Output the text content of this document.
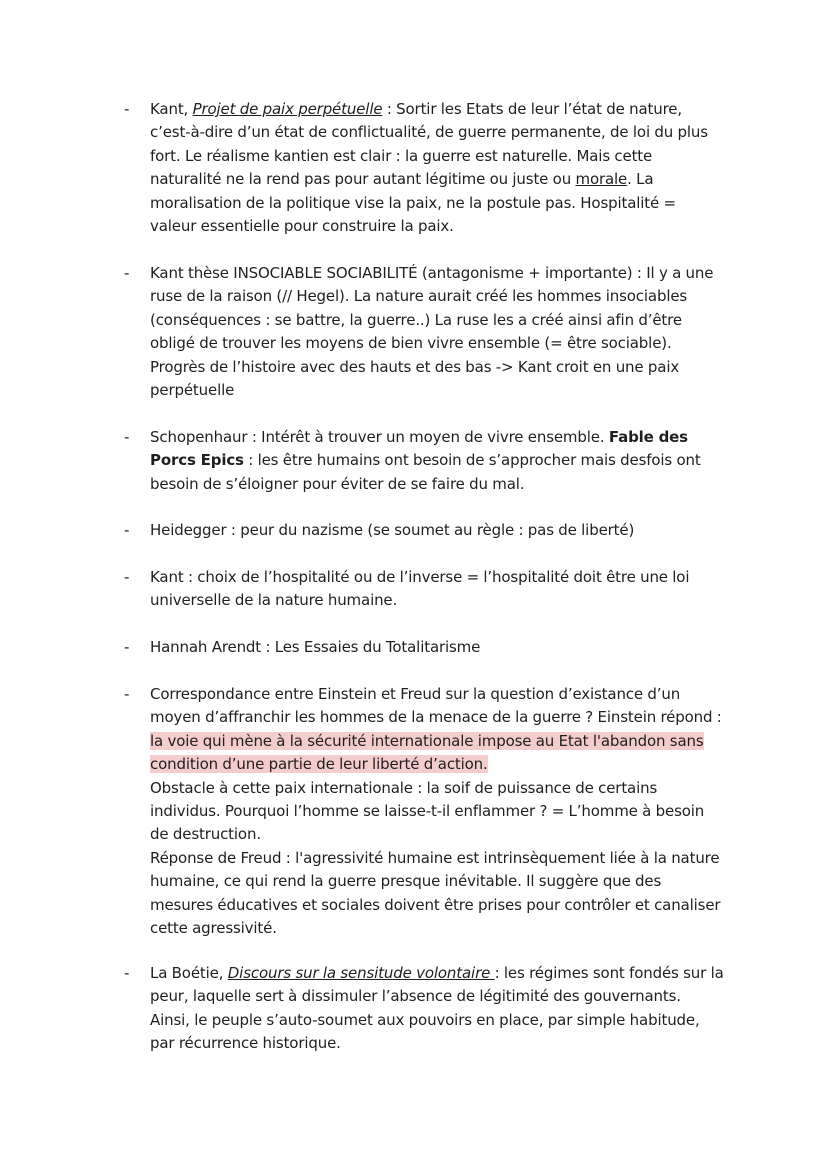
-	Kant, Projet de paix perpétuelle : Sortir les Etats de leur l’état de nature, c’est-à-dire d’un état de conflictualité, de guerre permanente, de loi du plus fort. Le réalisme kantien est clair : la guerre est naturelle. Mais cette naturalité ne la rend pas pour autant légitime ou juste ou morale. La moralisation de la politique vise la paix, ne la postule pas. Hospitalité = valeur essentielle pour construire la paix.
-	Kant thèse INSOCIABLE SOCIABILITÉ (antagonisme + importante) : Il y a une ruse de la raison (// Hegel). La nature aurait créé les hommes insociables (conséquences : se battre, la guerre..) La ruse les a créé ainsi afin d’être obligé de trouver les moyens de bien vivre ensemble (= être sociable). Progrès de l’histoire avec des hauts et des bas -> Kant croit en une paix perpétuelle
-	Schopenhaur : Intérêt à trouver un moyen de vivre ensemble. Fable des Porcs Epics : les être humains ont besoin de s’approcher mais desfois ont besoin de s’éloigner pour éviter de se faire du mal.
-	Heidegger : peur du nazisme (se soumet au règle : pas de liberté)
-	Kant : choix de l’hospitalité ou de l’inverse = l’hospitalité doit être une loi universelle de la nature humaine.
-	Hannah Arendt : Les Essaies du Totalitarisme
-	Correspondance entre Einstein et Freud sur la question d’existance d’un moyen d’affranchir les hommes de la menace de la guerre ? Einstein répond : la voie qui mène à la sécurité internationale impose au Etat l'abandon sans condition d’une partie de leur liberté d’action.
Obstacle à cette paix internationale : la soif de puissance de certains individus. Pourquoi l’homme se laisse-t-il enflammer ? = L’homme à besoin de destruction.
Réponse de Freud : l'agressivité humaine est intrinsèquement liée à la nature humaine, ce qui rend la guerre presque inévitable. Il suggère que des mesures éducatives et sociales doivent être prises pour contrôler et canaliser cette agressivité.
-	La Boétie, Discours sur la sensitude volontaire : les régimes sont fondés sur la peur, laquelle sert à dissimuler l’absence de légitimité des gouvernants. Ainsi, le peuple s’auto-soumet aux pouvoirs en place, par simple habitude, par récurrence historique.
